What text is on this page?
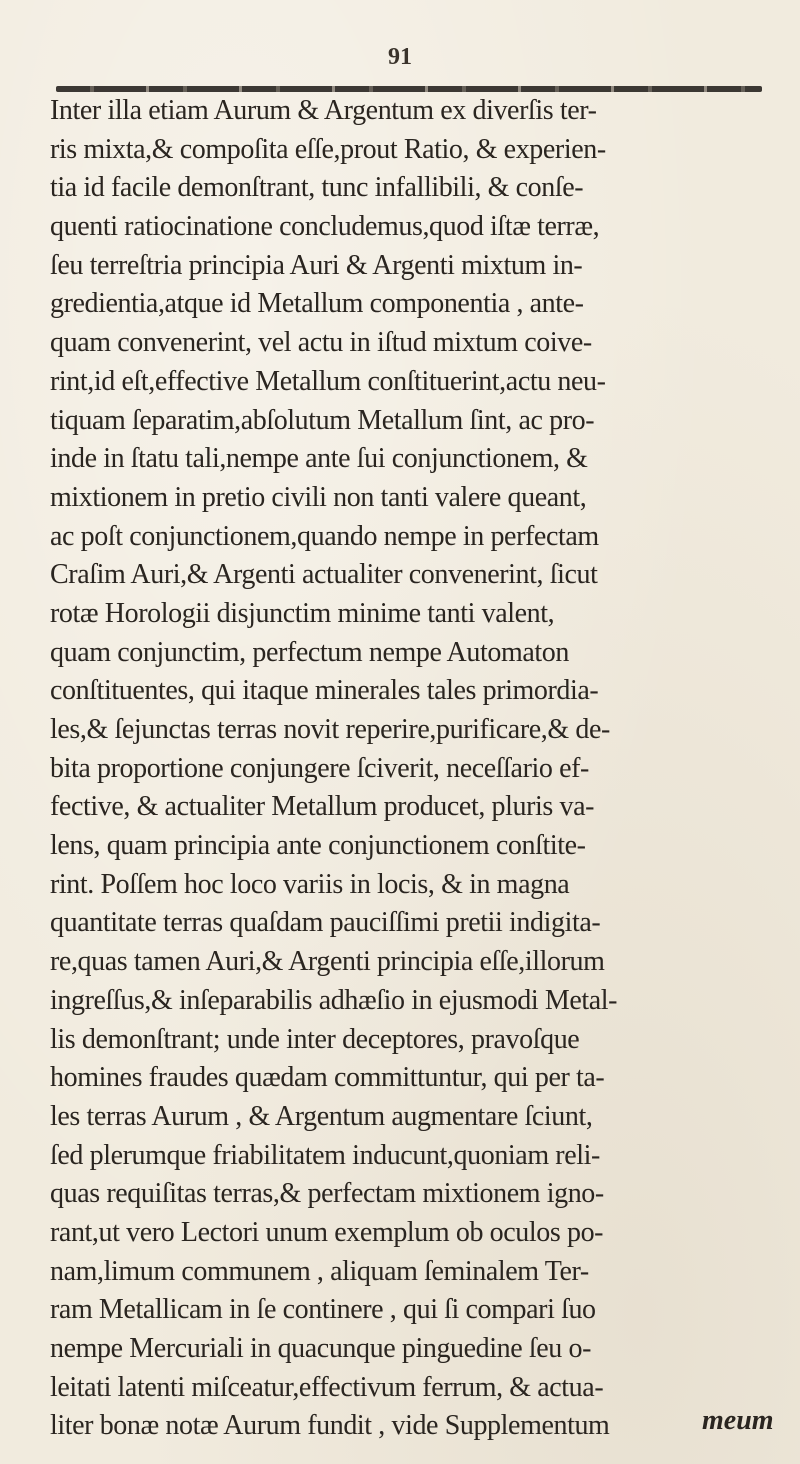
91
Inter illa etiam Aurum & Argentum ex diverſis ter-
ris mixta,& compoſita eſſe,prout Ratio, & experien-
tia id facile demonſtrant, tunc infallibili, & conſe-
quenti ratiocinatione concludemus,quod iſtæ terræ,
ſeu terreſtria principia Auri & Argenti mixtum in-
gredientia,atque id Metallum componentia , ante-
quam convenerint, vel actu in iſtud mixtum coive-
rint,id eſt,effective Metallum conſtituerint,actu neu-
tiquam ſeparatim,abſolutum Metallum ſint, ac pro-
inde in ſtatu tali,nempe ante ſui conjunctionem, &
mixtionem in pretio civili non tanti valere queant,
ac poſt conjunctionem,quando nempe in perfectam
Craſim Auri,& Argenti actualiter convenerint, ſicut
rotæ Horologii disjunctim minime tanti valent,
quam conjunctim, perfectum nempe Automaton
conſtituentes, qui itaque minerales tales primordia-
les,& ſejunctas terras novit reperire,purificare,& de-
bita proportione conjungere ſciverit, neceſſario ef-
fective, & actualiter Metallum producet, pluris va-
lens, quam principia ante conjunctionem conſtite-
rint. Poſſem hoc loco variis in locis, & in magna
quantitate terras quaſdam pauciſſimi pretii indigita-
re,quas tamen Auri,& Argenti principia eſſe,illorum
ingreſſus,& inſeparabilis adhæſio in ejusmodi Metal-
lis demonſtrant; unde inter deceptores, pravoſque
homines fraudes quædam committuntur, qui per ta-
les terras Aurum , & Argentum augmentare ſciunt,
ſed plerumque friabilitatem inducunt,quoniam reli-
quas requiſitas terras,& perfectam mixtionem igno-
rant,ut vero Lectori unum exemplum ob oculos po-
nam,limum communem , aliquam ſeminalem Ter-
ram Metallicam in ſe continere , qui ſi compari ſuo
nempe Mercuriali in quacunque pinguedine ſeu o-
leitati latenti miſceatur,effectivum ferrum, & actua-
liter bonæ notæ Aurum fundit , vide Supplementum	meum
